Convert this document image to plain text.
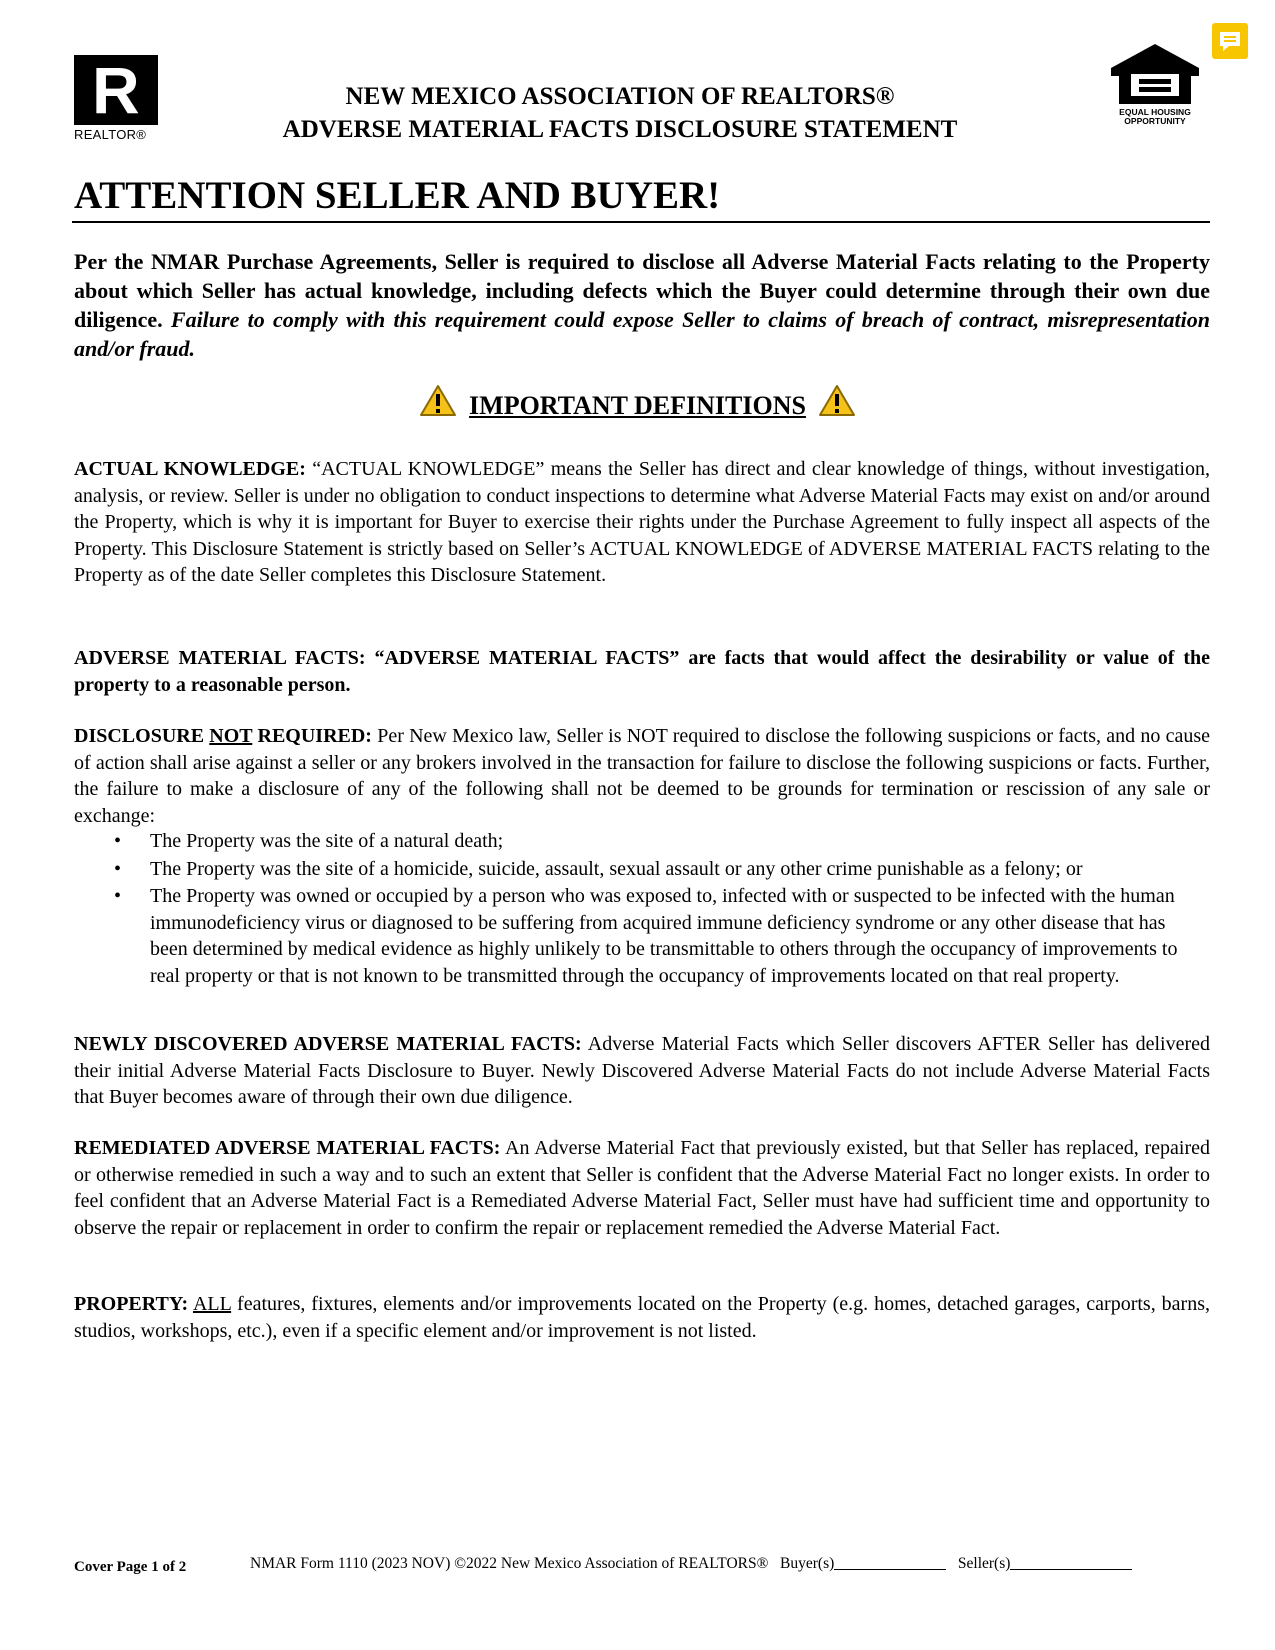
R
REALTOR®
NEW MEXICO ASSOCIATION OF REALTORS®
ADVERSE MATERIAL FACTS DISCLOSURE STATEMENT
EQUAL HOUSING OPPORTUNITY
ATTENTION SELLER AND BUYER!
Per the NMAR Purchase Agreements, Seller is required to disclose all Adverse Material Facts relating to the Property about which Seller has actual knowledge, including defects which the Buyer could determine through their own due diligence. Failure to comply with this requirement could expose Seller to claims of breach of contract, misrepresentation and/or fraud.
IMPORTANT DEFINITIONS
ACTUAL KNOWLEDGE: “ACTUAL KNOWLEDGE” means the Seller has direct and clear knowledge of things, without investigation, analysis, or review. Seller is under no obligation to conduct inspections to determine what Adverse Material Facts may exist on and/or around the Property, which is why it is important for Buyer to exercise their rights under the Purchase Agreement to fully inspect all aspects of the Property. This Disclosure Statement is strictly based on Seller’s ACTUAL KNOWLEDGE of ADVERSE MATERIAL FACTS relating to the Property as of the date Seller completes this Disclosure Statement.
ADVERSE MATERIAL FACTS: “ADVERSE MATERIAL FACTS” are facts that would affect the desirability or value of the property to a reasonable person.
DISCLOSURE NOT REQUIRED: Per New Mexico law, Seller is NOT required to disclose the following suspicions or facts, and no cause of action shall arise against a seller or any brokers involved in the transaction for failure to disclose the following suspicions or facts. Further, the failure to make a disclosure of any of the following shall not be deemed to be grounds for termination or rescission of any sale or exchange:
• The Property was the site of a natural death;
• The Property was the site of a homicide, suicide, assault, sexual assault or any other crime punishable as a felony; or
• The Property was owned or occupied by a person who was exposed to, infected with or suspected to be infected with the human immunodeficiency virus or diagnosed to be suffering from acquired immune deficiency syndrome or any other disease that has been determined by medical evidence as highly unlikely to be transmittable to others through the occupancy of improvements to real property or that is not known to be transmitted through the occupancy of improvements located on that real property.
NEWLY DISCOVERED ADVERSE MATERIAL FACTS: Adverse Material Facts which Seller discovers AFTER Seller has delivered their initial Adverse Material Facts Disclosure to Buyer. Newly Discovered Adverse Material Facts do not include Adverse Material Facts that Buyer becomes aware of through their own due diligence.
REMEDIATED ADVERSE MATERIAL FACTS: An Adverse Material Fact that previously existed, but that Seller has replaced, repaired or otherwise remedied in such a way and to such an extent that Seller is confident that the Adverse Material Fact no longer exists. In order to feel confident that an Adverse Material Fact is a Remediated Adverse Material Fact, Seller must have had sufficient time and opportunity to observe the repair or replacement in order to confirm the repair or replacement remedied the Adverse Material Fact.
PROPERTY: ALL features, fixtures, elements and/or improvements located on the Property (e.g. homes, detached garages, carports, barns, studios, workshops, etc.), even if a specific element and/or improvement is not listed.
Cover Page 1 of 2	NMAR Form 1110 (2023 NOV) ©2022 New Mexico Association of REALTORS® Buyer(s)	Seller(s)
